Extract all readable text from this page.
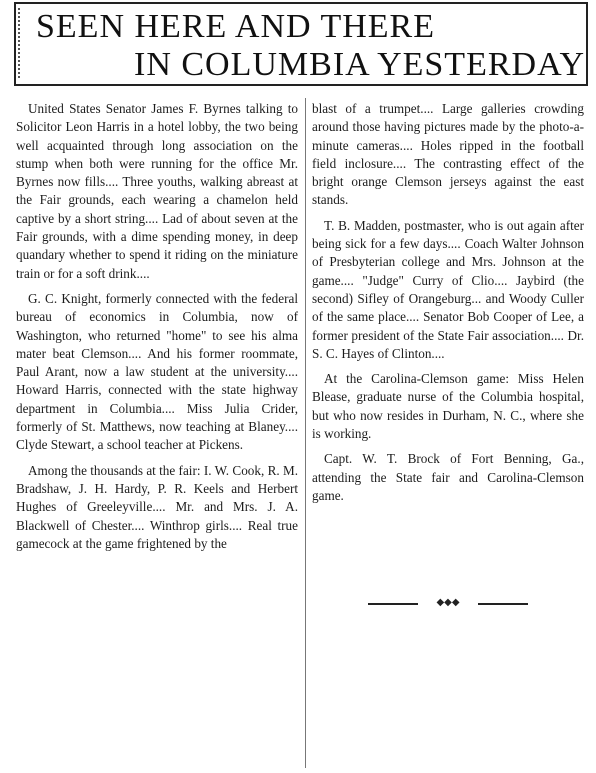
SEEN HERE AND THERE
IN COLUMBIA YESTERDAY

United States Senator James F. Byrnes talking to Solicitor Leon Harris in a hotel lobby, the two being well acquainted through long association on the stump when both were running for the office Mr. Byrnes now fills.... Three youths, walking abreast at the Fair grounds, each wearing a chamelon held captive by a short string.... Lad of about seven at the Fair grounds, with a dime spending money, in deep quandary whether to spend it riding on the miniature train or for a soft drink....

G. C. Knight, formerly connected with the federal bureau of economics in Columbia, now of Washington, who returned "home" to see his alma mater beat Clemson.... And his former roommate, Paul Arant, now a law student at the university.... Howard Harris, connected with the state highway department in Columbia.... Miss Julia Crider, formerly of St. Matthews, now teaching at Blaney.... Clyde Stewart, a school teacher at Pickens.

Among the thousands at the fair: I. W. Cook, R. M. Bradshaw, J. H. Hardy, P. R. Keels and Herbert Hughes of Greeleyville.... Mr. and Mrs. J. A. Blackwell of Chester.... Winthrop girls.... Real true gamecock at the game frightened by the

blast of a trumpet.... Large galleries crowding around those having pictures made by the photo-a-minute cameras.... Holes ripped in the football field inclosure.... The contrasting effect of the bright orange Clemson jerseys against the east stands.

T. B. Madden, postmaster, who is out again after being sick for a few days.... Coach Walter Johnson of Presbyterian college and Mrs. Johnson at the game.... "Judge" Curry of Clio.... Jaybird (the second) Sifley of Orangeburg... and Woody Culler of the same place.... Senator Bob Cooper of Lee, a former president of the State Fair association.... Dr. S. C. Hayes of Clinton....

At the Carolina-Clemson game: Miss Helen Blease, graduate nurse of the Columbia hospital, but who now resides in Durham, N. C., where she is working.

Capt. W. T. Brock of Fort Benning, Ga., attending the State fair and Carolina-Clemson game.

◆◆◆
